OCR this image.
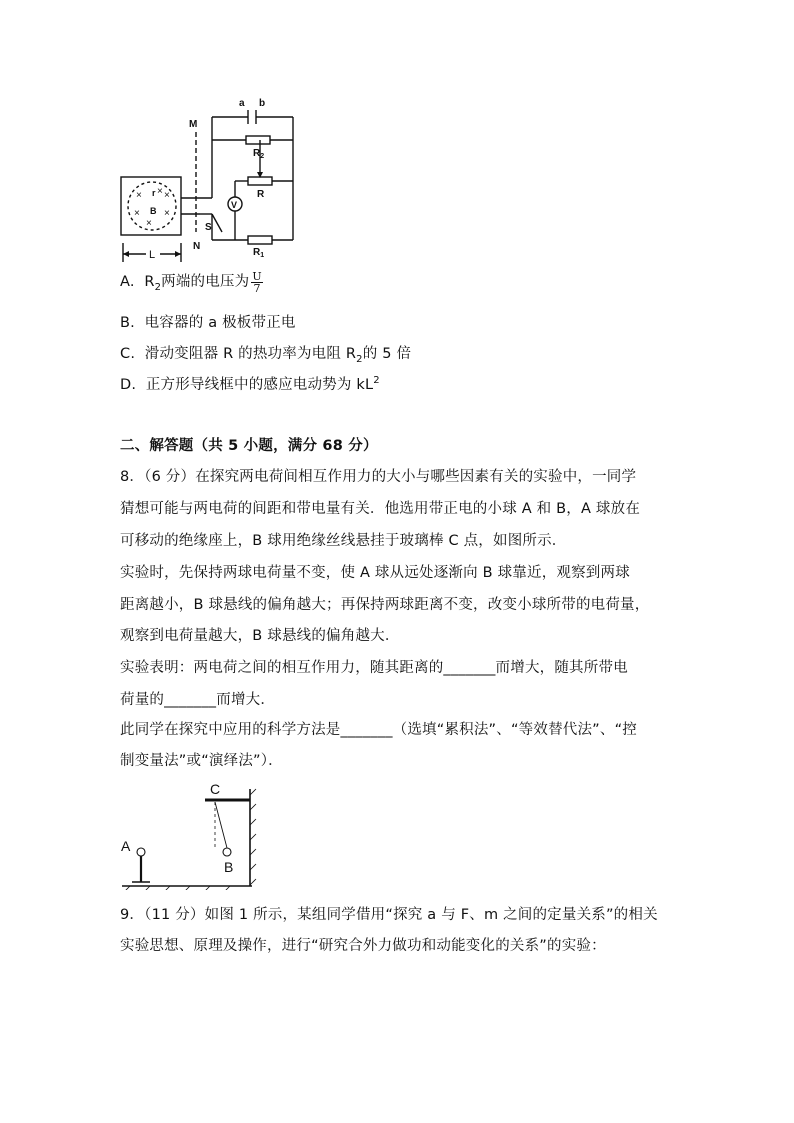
× ×
× ×
×
×
a b
M
N
$R_2$
R
$R_1$
V
S
B
r
L
A. $R_2$两端的电压为 $\frac{U}{7}$
B. 电容器的 a 极板带正电
C. 滑动变阻器 R 的热功率为电阻 $R_2$的 5 倍
D. 正方形导线框中的感应电动势为 $kL^2$
二、解答题（共 5 小题，满分 68 分）
8．（6 分）在探究两电荷间相互作用力的大小与哪些因素有关的实验中，一同学
猜想可能与两电荷的间距和带电量有关．他选用带正电的小球 A 和 B，A 球放在
可移动的绝缘座上，B 球用绝缘丝线悬挂于玻璃棒 C 点，如图所示．
实验时，先保持两球电荷量不变，使 A 球从远处逐渐向 B 球靠近，观察到两球
距离越小，B 球悬线的偏角越大；再保持两球距离不变，改变小球所带的电荷量，
观察到电荷量越大，B 球悬线的偏角越大．
实验表明：两电荷之间的相互作用力，随其距离的_______而增大，随其所带电
荷量的_______而增大．
此同学在探究中应用的科学方法是_______（选填“累积法”、“等效替代法”、“控
制变量法”或“演绎法”）．
C
A
B
9．（11 分）如图 1 所示，某组同学借用“探究 a 与 F、m 之间的定量关系”的相关
实验思想、原理及操作，进行“研究合外力做功和动能变化的关系”的实验：
